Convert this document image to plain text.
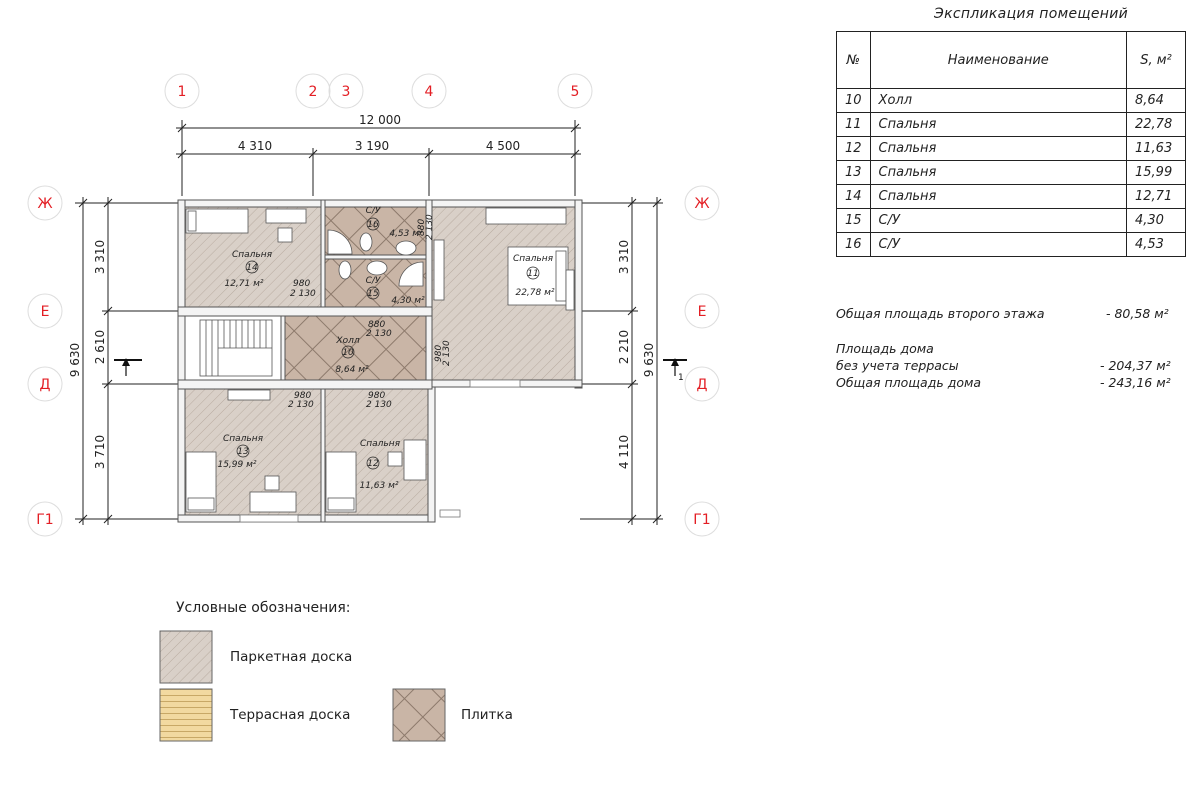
1	2 3	4	5
Ж
Е
Д
Г1
Ж
Е
Д
Г1
12 000
4 310	3 190	4 500
9 630
3 310
2 610
3 710
3 310
2 210
4 110
9 630
1
980
2 130
880
2 130
980
2 130
980
2 130
880
2 130
980
2 130
Спальня
14
12,71 м²
С/У
16
4,53 м²
С/У
15
4,30 м²
Холл
10
8,64 м²
Спальня
11
22,78 м²
Спальня
13
15,99 м²
Спальня
12
11,63 м²
Экспликация помещений
№	Наименование	S, м²
10	Холл	8,64
11	Спальня	22,78
12	Спальня	11,63
13	Спальня	15,99
14	Спальня	12,71
15	С/У	4,30
16	С/У	4,53
Общая площадь второго этажа	- 80,58 м²
Площадь дома
без учета террасы	- 204,37 м²
Общая площадь дома	- 243,16 м²
Условные обозначения:
Паркетная доска
Террасная доска	Плитка
